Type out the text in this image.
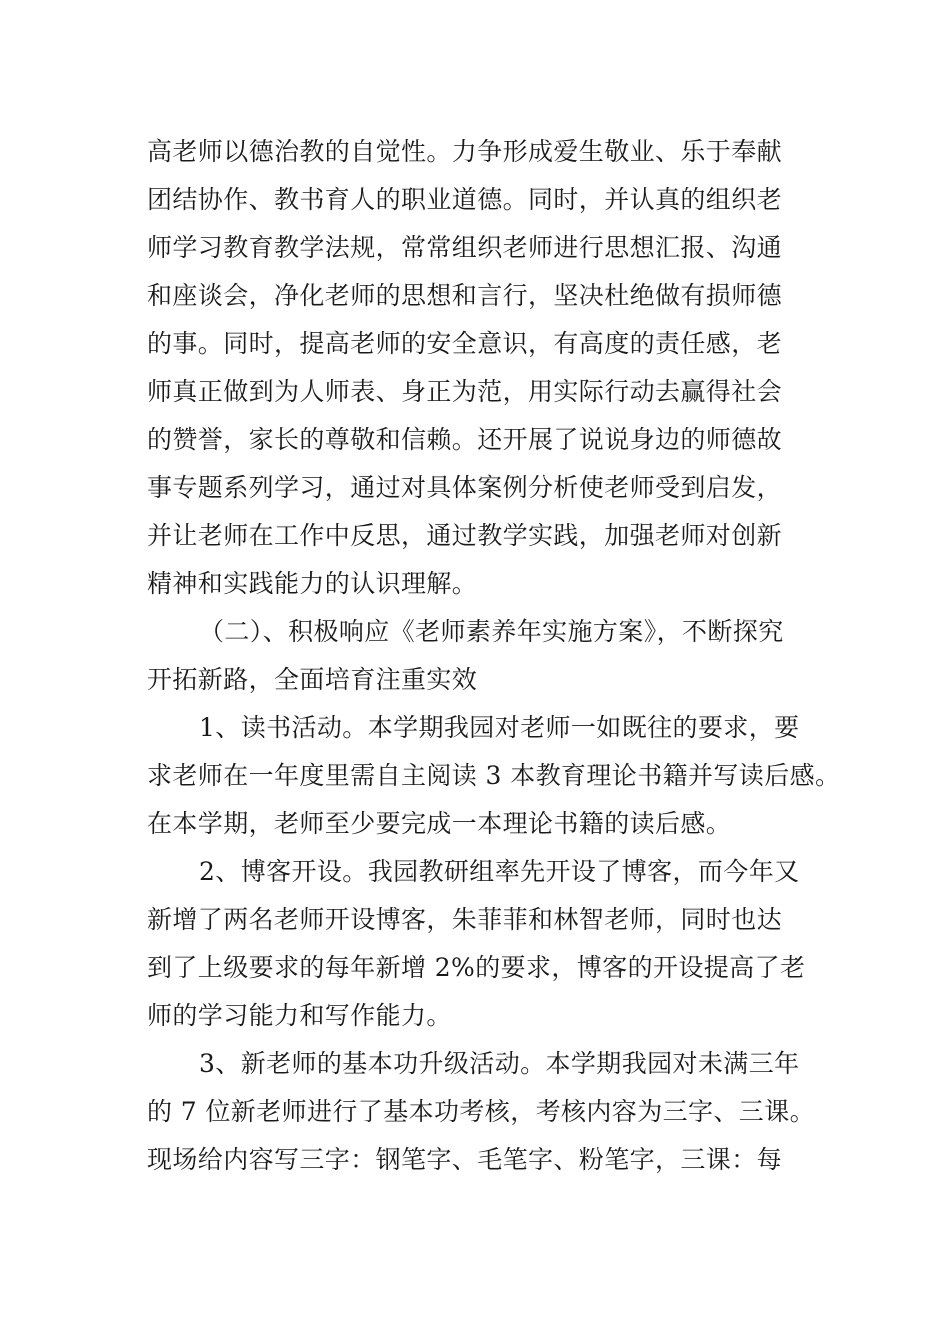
高老师以德治教的自觉性。力争形成爱生敬业、乐于奉献
团结协作、教书育人的职业道德。同时，并认真的组织老
师学习教育教学法规，常常组织老师进行思想汇报、沟通
和座谈会，净化老师的思想和言行，坚决杜绝做有损师德
的事。同时，提高老师的安全意识，有高度的责任感，老
师真正做到为人师表、身正为范，用实际行动去赢得社会
的赞誉，家长的尊敬和信赖。还开展了说说身边的师德故
事专题系列学习，通过对具体案例分析使老师受到启发，
并让老师在工作中反思，通过教学实践，加强老师对创新
精神和实践能力的认识理解。
（二）、积极响应《老师素养年实施方案》，不断探究
开拓新路，全面培育注重实效
1、读书活动。本学期我园对老师一如既往的要求，要
求老师在一年度里需自主阅读 3 本教育理论书籍并写读后感。
在本学期，老师至少要完成一本理论书籍的读后感。
2、博客开设。我园教研组率先开设了博客，而今年又
新增了两名老师开设博客，朱菲菲和林智老师，同时也达
到了上级要求的每年新增 2%的要求，博客的开设提高了老
师的学习能力和写作能力。
3、新老师的基本功升级活动。本学期我园对未满三年
的 7 位新老师进行了基本功考核，考核内容为三字、三课。
现场给内容写三字：钢笔字、毛笔字、粉笔字，三课：每
